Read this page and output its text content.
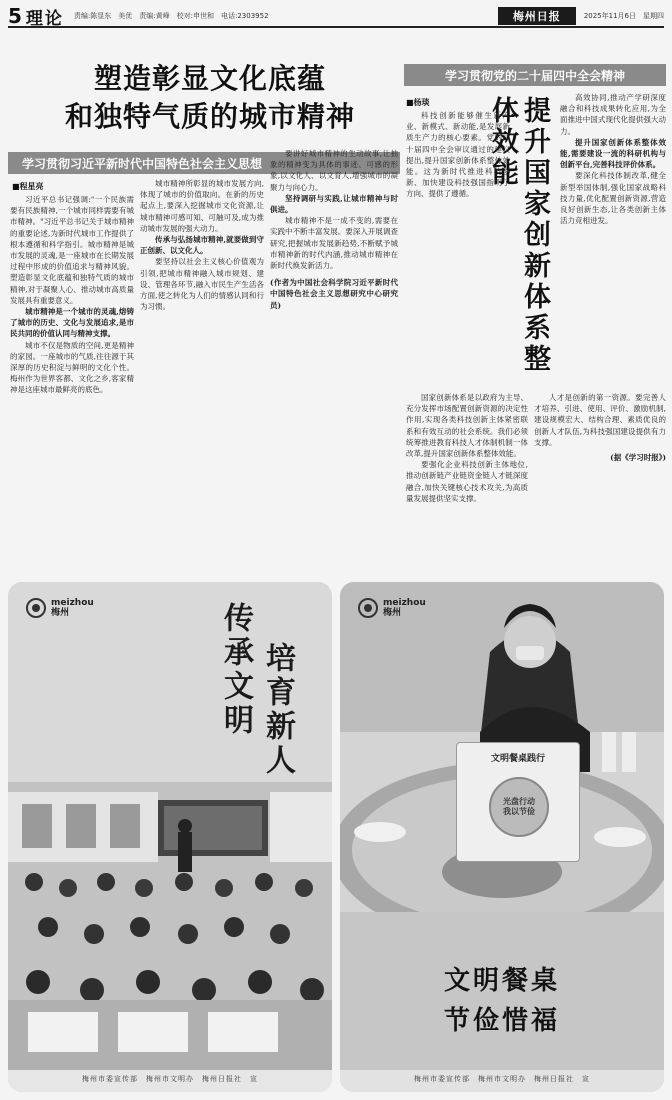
5 理论 责编:陈显东　美优　责编:黄峰　校对:申世和　电话:2303952	梅州日报	2025年11月6日　星期四
塑造彰显文化底蕴
和独特气质的城市精神
学习贯彻习近平新时代中国特色社会主义思想
■程星亮

习近平总书记强调:"一个民族需要有民族精神,一个城市同样需要有城市精神。"习近平总书记关于城市精神的重要论述,为新时代城市工作提供了根本遵循和科学指引。城市精神是城市发展的灵魂,是一座城市在长期发展过程中形成的价值追求与精神风貌。塑造彰显文化底蕴和独特气质的城市精神,对于凝聚人心、推动城市高质量发展具有重要意义。

城市精神是一个城市的灵魂,熔铸了城市的历史、文化与发展追求,是市民共同的价值认同与精神支撑。

城市不仅是物质的空间,更是精神的家园。一座城市的气质,往往源于其深厚的历史积淀与鲜明的文化个性。梅州作为世界客都、文化之乡,客家精神是这座城市最鲜亮的底色。

城市精神所彰显的城市发展方向,体现了城市的价值取向。在新的历史起点上,要深入挖掘城市文化资源,让城市精神可感可知、可触可及,成为推动城市发展的强大动力。

传承与弘扬城市精神,就要做到守正创新、以文化人。

要坚持以社会主义核心价值观为引领,把城市精神融入城市规划、建设、管理各环节,融入市民生产生活各方面,使之转化为人们的情感认同和行为习惯。

要讲好城市精神的生动故事,让抽象的精神变为具体的事迹、可感的形象,以文化人、以文育人,增强城市的凝聚力与向心力。

坚持调研与实践,让城市精神与时俱进。

城市精神不是一成不变的,需要在实践中不断丰富发展。要深入开展调查研究,把握城市发展新趋势,不断赋予城市精神新的时代内涵,推动城市精神在新时代焕发新活力。

(作者为中国社会科学院习近平新时代中国特色社会主义思想研究中心研究员)

学习贯彻党的二十届四中全会精神
■杨琰	提升国家创新体系整体效能

科技创新能够催生新产业、新模式、新动能,是发展新质生产力的核心要素。党的二十届四中全会审议通过的建议提出,提升国家创新体系整体效能。这为新时代推进科技创新、加快建设科技强国指明了方向、提供了遵循。

国家创新体系是以政府为主导、充分发挥市场配置创新资源的决定性作用,实现各类科技创新主体紧密联系和有效互动的社会系统。我们必须统筹推进教育科技人才体制机制一体改革,提升国家创新体系整体效能。

要强化企业科技创新主体地位,推动创新链产业链资金链人才链深度融合,加快关键核心技术攻关,为高质量发展提供坚实支撑。

高效协同,推动产学研深度融合和科技成果转化应用,为全面推进中国式现代化提供强大动力。

提升国家创新体系整体效能,需要建设一流的科研机构与创新平台,完善科技评价体系。

要深化科技体制改革,健全新型举国体制,强化国家战略科技力量,优化配置创新资源,营造良好创新生态,让各类创新主体活力竞相迸发。

人才是创新的第一资源。要完善人才培养、引进、使用、评价、激励机制,建设规模宏大、结构合理、素质优良的创新人才队伍,为科技强国建设提供有力支撑。

(据《学习时报》)

meizhou
梅州	传承文明 培育新人
梅州市委宣传部　梅州市文明办　梅州日报社　宣
meizhou
梅州
文明餐桌践行
光盘行动
我以节俭
文明餐桌
节俭惜福
梅州市委宣传部　梅州市文明办　梅州日报社　宣
